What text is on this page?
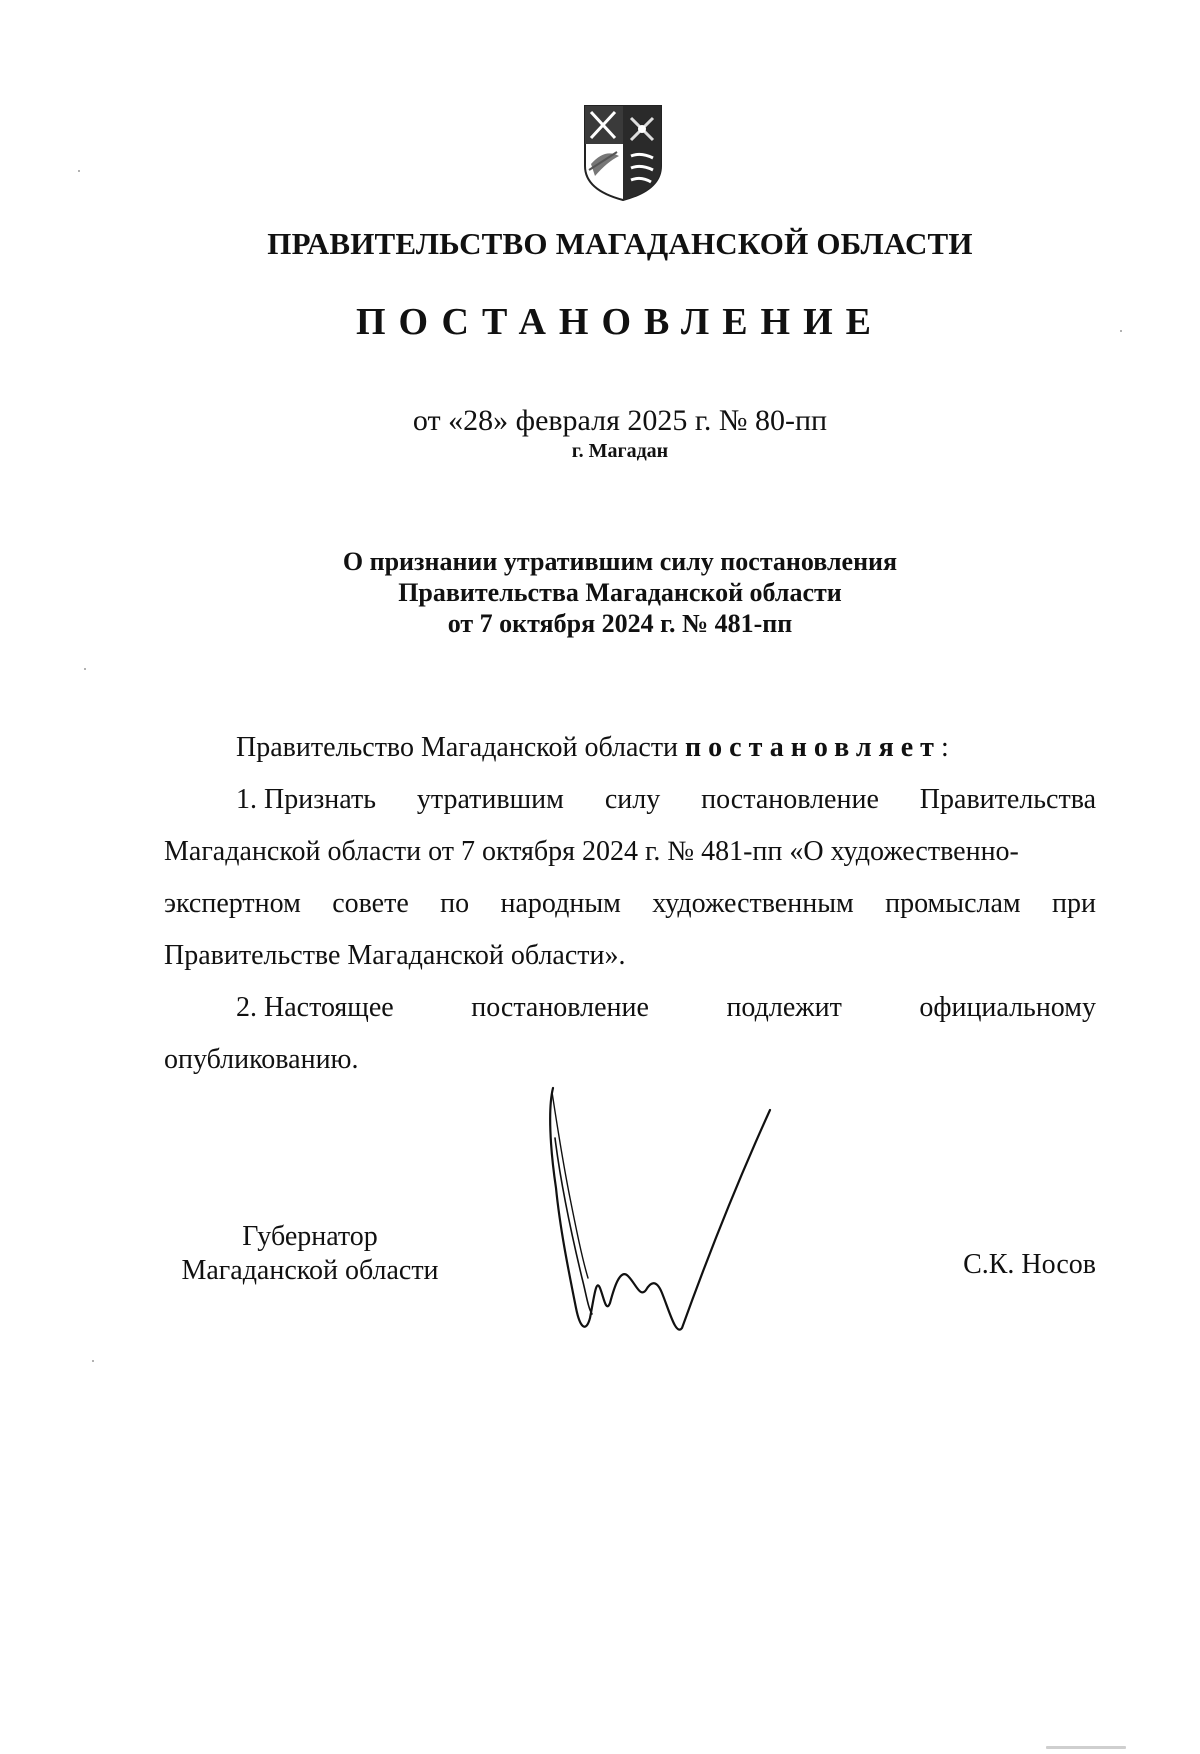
ПРАВИТЕЛЬСТВО МАГАДАНСКОЙ ОБЛАСТИ
ПОСТАНОВЛЕНИЕ
от «28» февраля 2025 г. № 80-пп
г. Магадан
О признании утратившим силу постановления
Правительства Магаданской области
от 7 октября 2024 г. № 481-пп
Правительство Магаданской области постановляет:
1. Признать утратившим силу постановление Правительства
Магаданской области от 7 октября 2024 г. № 481-пп «О художественно-
экспертном совете по народным художественным промыслам при
Правительстве Магаданской области».
2. Настоящее	постановление	подлежит	официальному
опубликованию.
Губернатор
Магаданской области	С.К. Носов
